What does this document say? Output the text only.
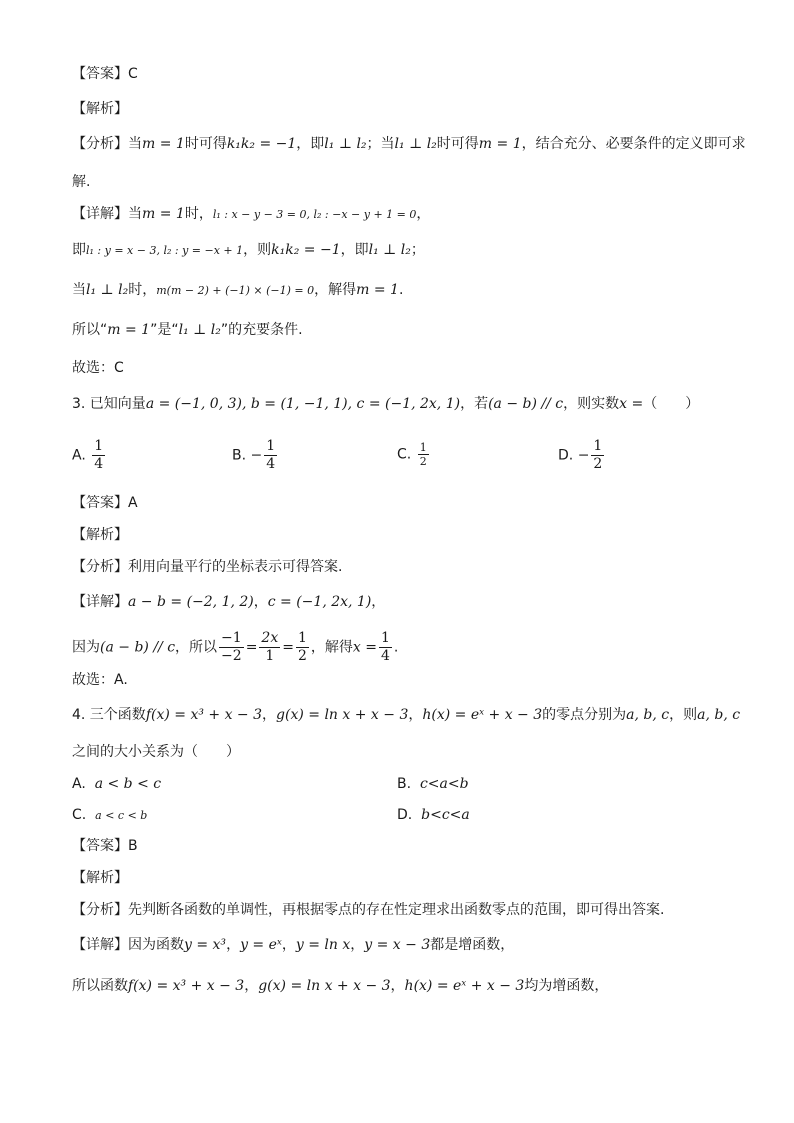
【答案】C
【解析】
【分析】当m = 1时可得k₁k₂ = −1，即l₁ ⊥ l₂；当l₁ ⊥ l₂时可得m = 1，结合充分、必要条件的定义即可求
解.
【详解】当m = 1时，l₁ : x − y − 3 = 0, l₂ : −x − y + 1 = 0，
即l₁ : y = x − 3, l₂ : y = −x + 1，则k₁k₂ = −1，即l₁ ⊥ l₂；
当l₁ ⊥ l₂时，m(m − 2) + (−1) × (−1) = 0，解得m = 1.
所以“m = 1”是“l₁ ⊥ l₂”的充要条件.
故选：C
3. 已知向量a = (−1, 0, 3), b = (1, −1, 1), c = (−1, 2x, 1)，若(a − b) // c，则实数x =（　　）
A. $\frac{1}{4}$	B. − $\frac{1}{4}$	C. $\frac{1}{2}$	D. − $\frac{1}{2}$
【答案】A
【解析】
【分析】利用向量平行的坐标表示可得答案.
【详解】a − b = (−2, 1, 2)，c = (−1, 2x, 1)，
因为(a − b) // c，所以 $\frac{-1}{-2} = \frac{2x}{1} = \frac{1}{2}$ ，解得$x = \frac{1}{4}$ .
故选：A.
4. 三个函数f(x) = x³ + x − 3，g(x) = ln x + x − 3，h(x) = eˣ + x − 3的零点分别为a, b, c，则a, b, c
之间的大小关系为（　　）
A. a < b < c	B. c<a<b
C. a < c < b	D. b<c<a
【答案】B
【解析】
【分析】先判断各函数的单调性，再根据零点的存在性定理求出函数零点的范围，即可得出答案.
【详解】因为函数y = x³，y = eˣ，y = ln x，y = x − 3都是增函数，
所以函数f(x) = x³ + x − 3，g(x) = ln x + x − 3，h(x) = eˣ + x − 3均为增函数，
